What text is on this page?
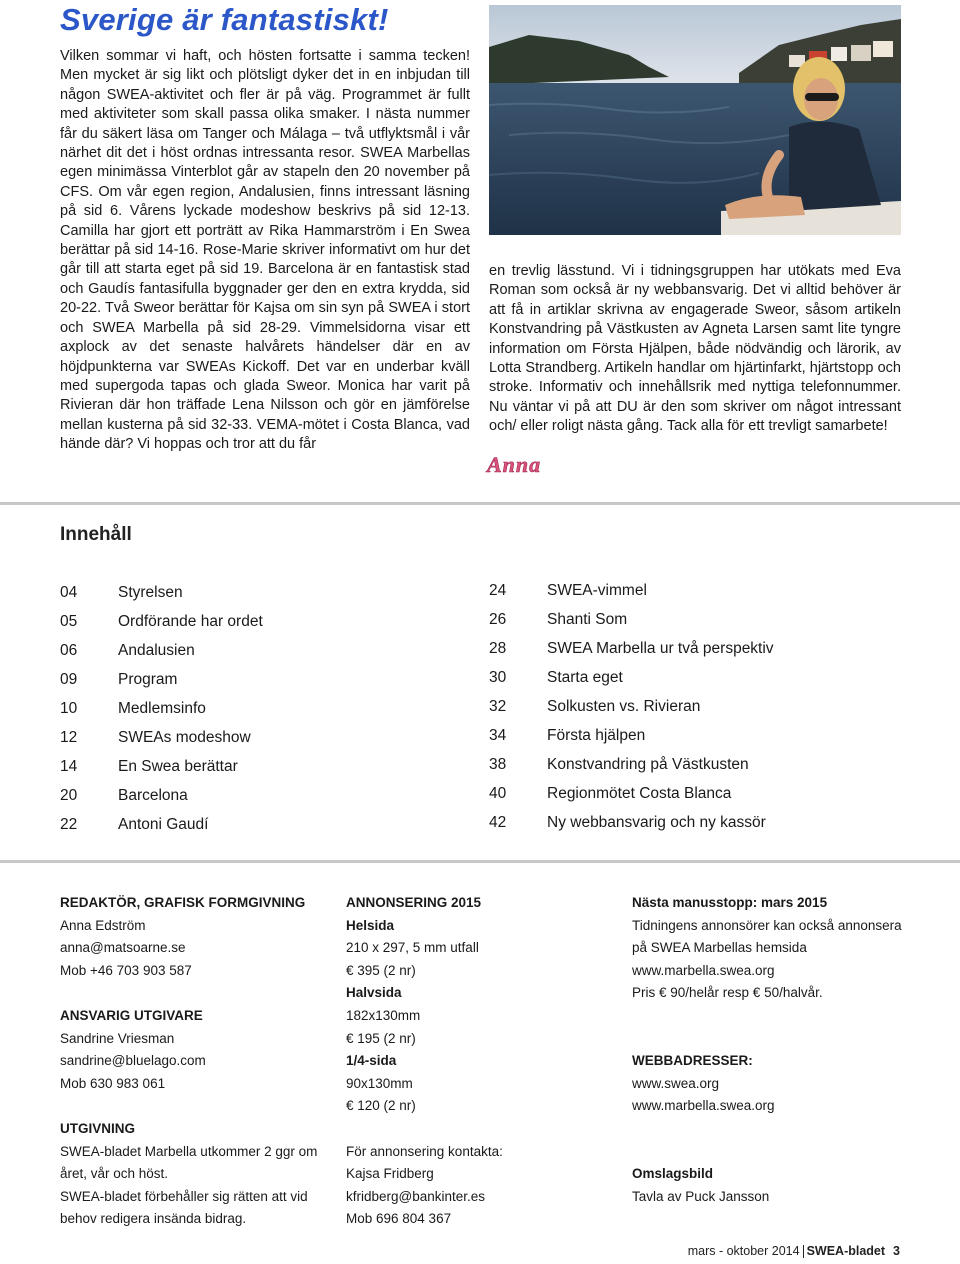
Sverige är fantastiskt!

Vilken sommar vi haft, och hösten fortsatte i samma tecken! Men mycket är sig likt och plötsligt dyker det in en inbjudan till någon SWEA-aktivitet och fler är på väg. Programmet är fullt med aktiviteter som skall passa olika smaker. I nästa nummer får du säkert läsa om Tanger och Málaga – två utflyktsmål i vår närhet dit det i höst ordnas intressanta resor. SWEA Marbellas egen minimässa Vinterblot går av stapeln den 20 november på CFS. Om vår egen region, Andalusien, finns intressant läsning på sid 6. Vårens lyckade modeshow beskrivs på sid 12-13. Camilla har gjort ett porträtt av Rika Hammarström i En Swea berättar på sid 14-16. Rose-Marie skriver informativt om hur det går till att starta eget på sid 19. Barcelona är en fantastisk stad och Gaudís fantasifulla byggnader ger den en extra krydda, sid 20-22. Två Sweor berättar för Kajsa om sin syn på SWEA i stort och SWEA Marbella på sid 28-29. Vimmelsidorna visar ett axplock av det senaste halvårets händelser där en av höjdpunkterna var SWEAs Kickoff. Det var en underbar kväll med supergoda tapas och glada Sweor. Monica har varit på Rivieran där hon träffade Lena Nilsson och gör en jämförelse mellan kusterna på sid 32-33. VEMA-mötet i Costa Blanca, vad hände där? Vi hoppas och tror att du får

en trevlig lässtund. Vi i tidningsgruppen har utökats med Eva Roman som också är ny webbansvarig. Det vi alltid behöver är att få in artiklar skrivna av engagerade Sweor, såsom artikeln Konstvandring på Västkusten av Agneta Larsen samt lite tyngre information om Första Hjälpen, både nödvändig och lärorik, av Lotta Strandberg. Artikeln handlar om hjärtinfarkt, hjärtstopp och stroke. Informativ och innehållsrik med nyttiga telefonnummer. Nu väntar vi på att DU är den som skriver om något intressant och/ eller roligt nästa gång. Tack alla för ett trevligt samarbete!

Anna
Innehåll
04	Styrelsen
05	Ordförande har ordet
06	Andalusien
09	Program
10	Medlemsinfo
12	SWEAs modeshow
14	En Swea berättar
20	Barcelona
22	Antoni Gaudí
24	SWEA-vimmel
26	Shanti Som
28	SWEA Marbella ur två perspektiv
30	Starta eget
32	Solkusten vs. Rivieran
34	Första hjälpen
38	Konstvandring på Västkusten
40	Regionmötet Costa Blanca
42	Ny webbansvarig och ny kassör
REDAKTÖR, GRAFISK FORMGIVNING
Anna Edström
anna@matsoarne.se
Mob +46 703 903 587
ANSVARIG UTGIVARE
Sandrine Vriesman
sandrine@bluelago.com
Mob 630 983 061
UTGIVNING
SWEA-bladet Marbella utkommer 2 ggr om
året, vår och höst.
SWEA-bladet förbehåller sig rätten att vid
behov redigera insända bidrag.
ANNONSERING 2015
Helsida
210 x 297, 5 mm utfall
€ 395 (2 nr)
Halvsida
182x130mm
€ 195 (2 nr)
1/4-sida
90x130mm
€ 120 (2 nr)
För annonsering kontakta:
Kajsa Fridberg
kfridberg@bankinter.es
Mob 696 804 367
Nästa manusstopp: mars 2015
Tidningens annonsörer kan också annonsera
på SWEA Marbellas hemsida
www.marbella.swea.org
Pris € 90/helår resp € 50/halvår.
WEBBADRESSER:
www.swea.org
www.marbella.swea.org
Omslagsbild
Tavla av Puck Jansson
mars - oktober 2014 SWEA-bladet 3
